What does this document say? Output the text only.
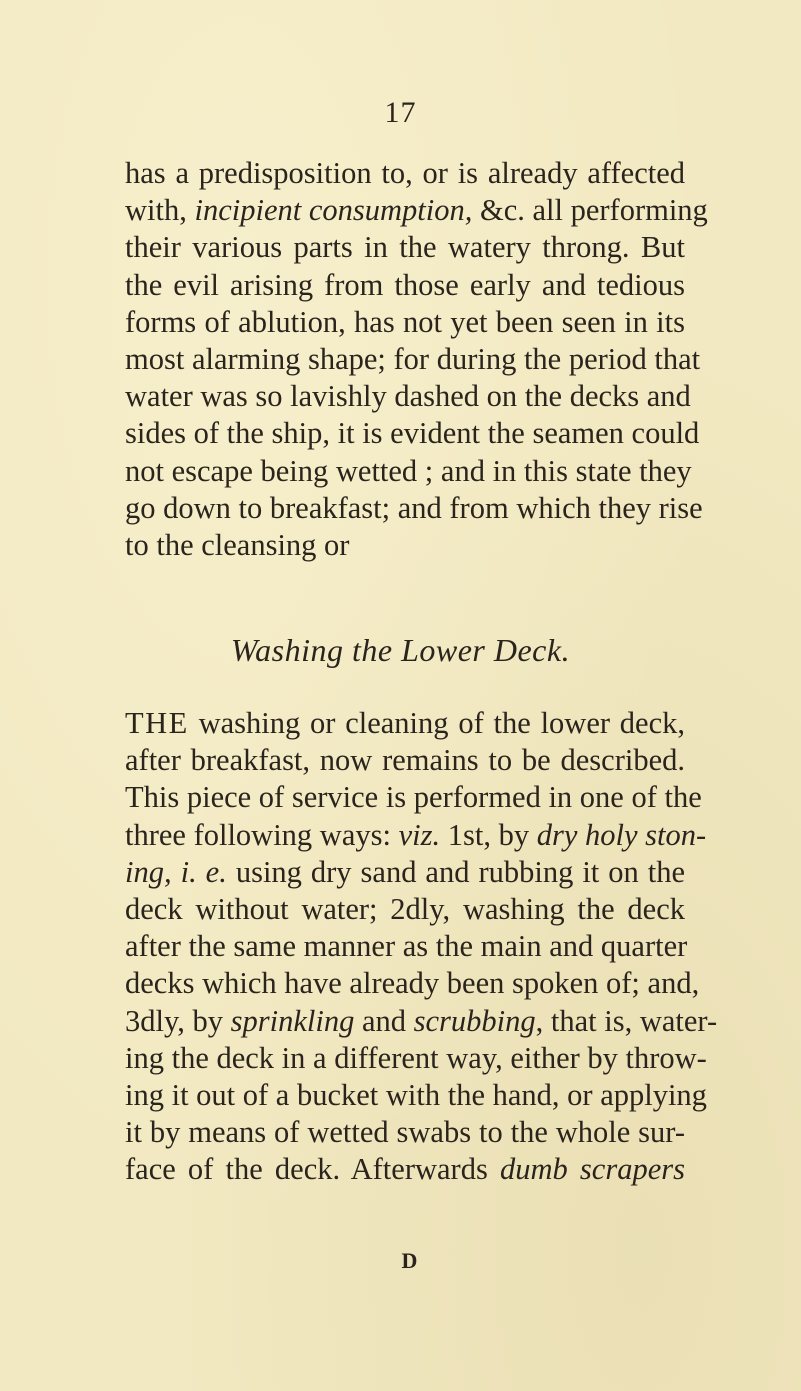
17
has a predisposition to, or is already affected
with, incipient consumption, &c. all performing
their various parts in the watery throng. But
the evil arising from those early and tedious
forms of ablution, has not yet been seen in its
most alarming shape; for during the period that
water was so lavishly dashed on the decks and
sides of the ship, it is evident the seamen could
not escape being wetted ; and in this state they
go down to breakfast; and from which they rise
to the cleansing or
Washing the Lower Deck.
THE washing or cleaning of the lower deck,
after breakfast, now remains to be described.
This piece of service is performed in one of the
three following ways: viz. 1st, by dry holy ston-
ing, i. e. using dry sand and rubbing it on the
deck without water; 2dly, washing the deck
after the same manner as the main and quarter
decks which have already been spoken of; and,
3dly, by sprinkling and scrubbing, that is, water-
ing the deck in a different way, either by throw-
ing it out of a bucket with the hand, or applying
it by means of wetted swabs to the whole sur-
face of the deck. Afterwards dumb scrapers
D
